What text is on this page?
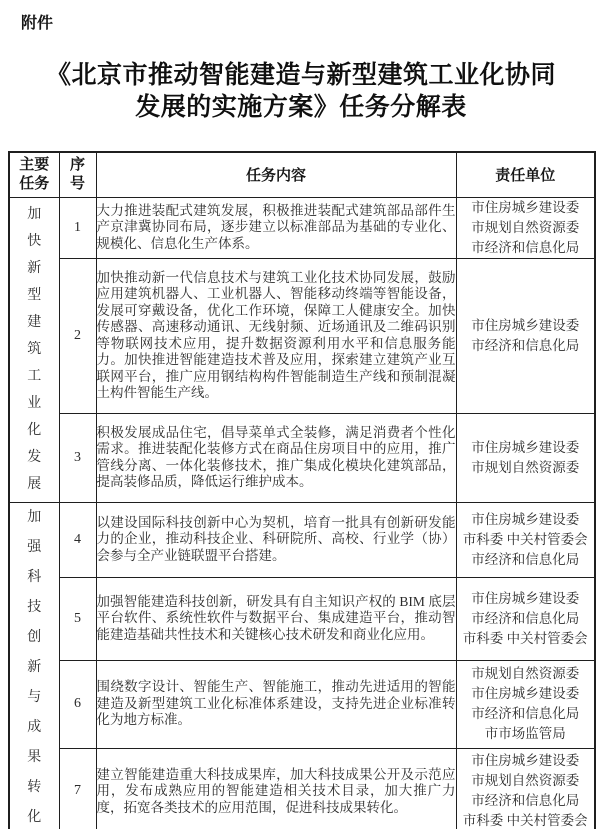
附件
《北京市推动智能建造与新型建筑工业化协同
发展的实施方案》任务分解表
主要任务	序号	任务内容	责任单位

加快新型建筑工业化发展	1	大力推进装配式建筑发展，积极推进装配式建筑部品部件生产京津冀协同布局，逐步建立以标准部品为基础的专业化、规模化、信息化生产体系。	市住房城乡建设委
市规划自然资源委
市经济和信息化局

	2	加快推动新一代信息技术与建筑工业化技术协同发展，鼓励应用建筑机器人、工业机器人、智能移动终端等智能设备，发展可穿戴设备，优化工作环境，保障工人健康安全。加快传感器、高速移动通讯、无线射频、近场通讯及二维码识别等物联网技术应用，提升数据资源利用水平和信息服务能力。加快推进智能建造技术普及应用，探索建立建筑产业互联网平台，推广应用钢结构构件智能制造生产线和预制混凝土构件智能生产线。	市住房城乡建设委
市经济和信息化局

	3	积极发展成品住宅，倡导菜单式全装修，满足消费者个性化需求。推进装配化装修方式在商品住房项目中的应用，推广管线分离、一体化装修技术，推广集成化模块化建筑部品，提高装修品质，降低运行维护成本。	市住房城乡建设委
市规划自然资源委

加强科技创新与成果转化	4	以建设国际科技创新中心为契机，培育一批具有创新研发能力的企业，推动科技企业、科研院所、高校、行业学（协）会参与全产业链联盟平台搭建。	市住房城乡建设委
市科委 中关村管委会
市经济和信息化局

	5	加强智能建造科技创新，研发具有自主知识产权的 BIM 底层平台软件、系统性软件与数据平台、集成建造平台，推动智能建造基础共性技术和关键核心技术研发和商业化应用。	市住房城乡建设委
市经济和信息化局
市科委 中关村管委会

	6	围绕数字设计、智能生产、智能施工，推动先进适用的智能建造及新型建筑工业化标准体系建设，支持先进企业标准转化为地方标准。	市规划自然资源委
市住房城乡建设委
市经济和信息化局
市市场监管局

	7	建立智能建造重大科技成果库，加大科技成果公开及示范应用，发布成熟应用的智能建造相关技术目录，加大推广力度，拓宽各类技术的应用范围，促进科技成果转化。	市住房城乡建设委
市规划自然资源委
市经济和信息化局
市科委 中关村管委会
